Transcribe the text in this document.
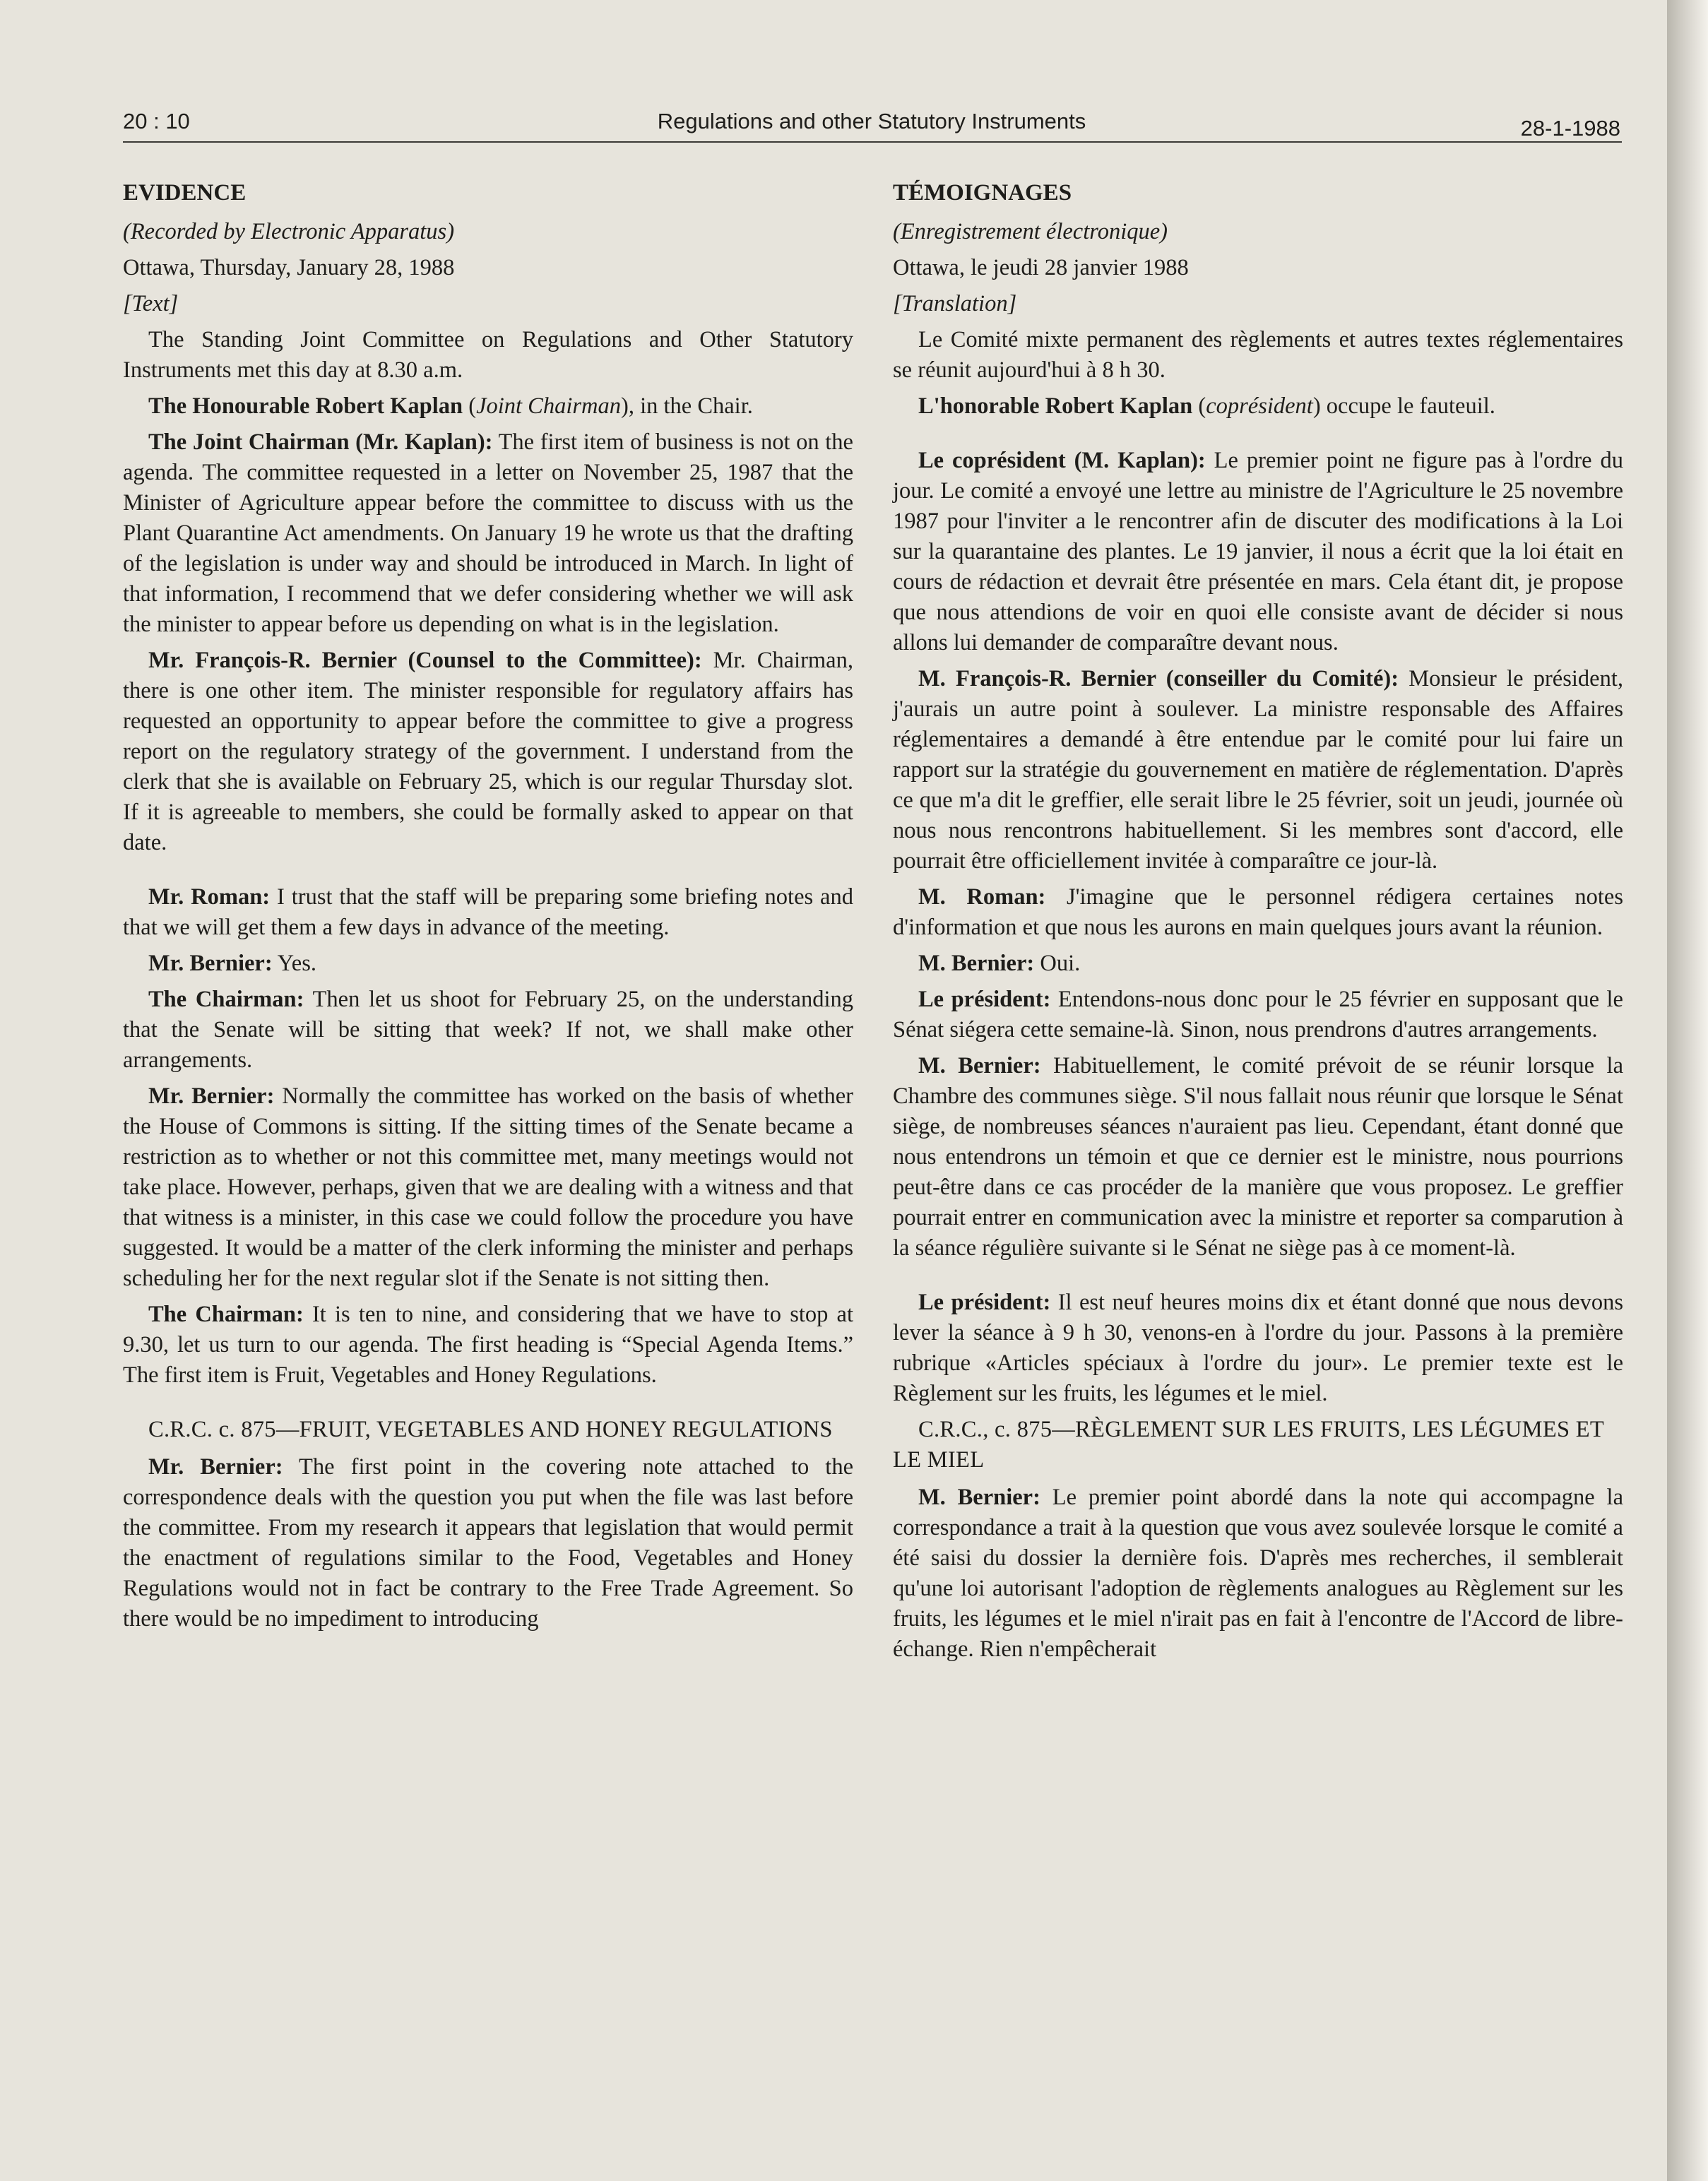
20 : 10	Regulations and other Statutory Instruments	28-1-1988

EVIDENCE

(Recorded by Electronic Apparatus)

Ottawa, Thursday, January 28, 1988

[Text]

The Standing Joint Committee on Regulations and Other Statutory Instruments met this day at 8.30 a.m.

The Honourable Robert Kaplan (Joint Chairman), in the Chair.

The Joint Chairman (Mr. Kaplan): The first item of business is not on the agenda. The committee requested in a letter on November 25, 1987 that the Minister of Agriculture appear before the committee to discuss with us the Plant Quarantine Act amendments. On January 19 he wrote us that the drafting of the legislation is under way and should be introduced in March. In light of that information, I recommend that we defer considering whether we will ask the minister to appear before us depending on what is in the legislation.

Mr. François-R. Bernier (Counsel to the Committee): Mr. Chairman, there is one other item. The minister responsible for regulatory affairs has requested an opportunity to appear before the committee to give a progress report on the regulatory strategy of the government. I understand from the clerk that she is available on February 25, which is our regular Thursday slot. If it is agreeable to members, she could be formally asked to appear on that date.

Mr. Roman: I trust that the staff will be preparing some briefing notes and that we will get them a few days in advance of the meeting.

Mr. Bernier: Yes.

The Chairman: Then let us shoot for February 25, on the understanding that the Senate will be sitting that week? If not, we shall make other arrangements.

Mr. Bernier: Normally the committee has worked on the basis of whether the House of Commons is sitting. If the sitting times of the Senate became a restriction as to whether or not this committee met, many meetings would not take place. However, perhaps, given that we are dealing with a witness and that that witness is a minister, in this case we could follow the procedure you have suggested. It would be a matter of the clerk informing the minister and perhaps scheduling her for the next regular slot if the Senate is not sitting then.

The Chairman: It is ten to nine, and considering that we have to stop at 9.30, let us turn to our agenda. The first heading is “Special Agenda Items.” The first item is Fruit, Vegetables and Honey Regulations.

C.R.C. c. 875—FRUIT, VEGETABLES AND HONEY REGULATIONS

Mr. Bernier: The first point in the covering note attached to the correspondence deals with the question you put when the file was last before the committee. From my research it appears that legislation that would permit the enactment of regulations similar to the Food, Vegetables and Honey Regulations would not in fact be contrary to the Free Trade Agreement. So there would be no impediment to introducing

TÉMOIGNAGES

(Enregistrement électronique)

Ottawa, le jeudi 28 janvier 1988

[Translation]

Le Comité mixte permanent des règlements et autres textes réglementaires se réunit aujourd'hui à 8 h 30.

L'honorable Robert Kaplan (coprésident) occupe le fauteuil.

Le coprésident (M. Kaplan): Le premier point ne figure pas à l'ordre du jour. Le comité a envoyé une lettre au ministre de l'Agriculture le 25 novembre 1987 pour l'inviter a le rencontrer afin de discuter des modifications à la Loi sur la quarantaine des plantes. Le 19 janvier, il nous a écrit que la loi était en cours de rédaction et devrait être présentée en mars. Cela étant dit, je propose que nous attendions de voir en quoi elle consiste avant de décider si nous allons lui demander de comparaître devant nous.

M. François-R. Bernier (conseiller du Comité): Monsieur le président, j'aurais un autre point à soulever. La ministre responsable des Affaires réglementaires a demandé à être entendue par le comité pour lui faire un rapport sur la stratégie du gouvernement en matière de réglementation. D'après ce que m'a dit le greffier, elle serait libre le 25 février, soit un jeudi, journée où nous nous rencontrons habituellement. Si les membres sont d'accord, elle pourrait être officiellement invitée à comparaître ce jour-là.

M. Roman: J'imagine que le personnel rédigera certaines notes d'information et que nous les aurons en main quelques jours avant la réunion.

M. Bernier: Oui.

Le président: Entendons-nous donc pour le 25 février en supposant que le Sénat siégera cette semaine-là. Sinon, nous prendrons d'autres arrangements.

M. Bernier: Habituellement, le comité prévoit de se réunir lorsque la Chambre des communes siège. S'il nous fallait nous réunir que lorsque le Sénat siège, de nombreuses séances n'auraient pas lieu. Cependant, étant donné que nous entendrons un témoin et que ce dernier est le ministre, nous pourrions peut-être dans ce cas procéder de la manière que vous proposez. Le greffier pourrait entrer en communication avec la ministre et reporter sa comparution à la séance régulière suivante si le Sénat ne siège pas à ce moment-là.

Le président: Il est neuf heures moins dix et étant donné que nous devons lever la séance à 9 h 30, venons-en à l'ordre du jour. Passons à la première rubrique «Articles spéciaux à l'ordre du jour». Le premier texte est le Règlement sur les fruits, les légumes et le miel.

C.R.C., c. 875—RÈGLEMENT SUR LES FRUITS, LES LÉGUMES ET LE MIEL

M. Bernier: Le premier point abordé dans la note qui accompagne la correspondance a trait à la question que vous avez soulevée lorsque le comité a été saisi du dossier la dernière fois. D'après mes recherches, il semblerait qu'une loi autorisant l'adoption de règlements analogues au Règlement sur les fruits, les légumes et le miel n'irait pas en fait à l'encontre de l'Accord de libre-échange. Rien n'empêcherait
